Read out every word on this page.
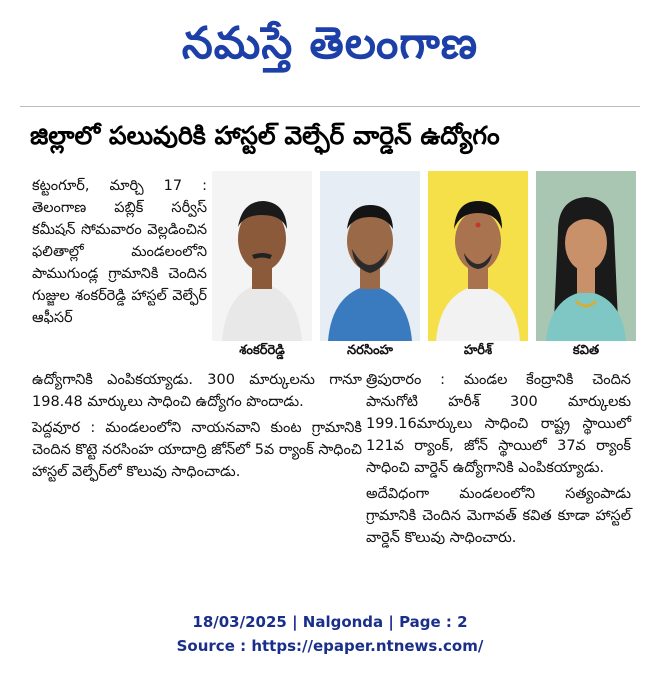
నమస్తే తెలంగాణ
జిల్లాలో పలువురికి హాస్టల్ వెల్ఫేర్ వార్డెన్ ఉద్యోగం

కట్టంగూర్, మార్చి 17 : తెలంగాణ పబ్లిక్ సర్వీస్ కమీషన్ సోమవారం వెల్లడించిన ఫలితాల్లో మండలంలోని పాముగుండ్ల గ్రామానికి చెందిన గుజ్జుల శంకర్‌రెడ్డి హాస్టల్ వెల్ఫేర్ ఆఫీసర్

శంకర్‌రెడ్డి	నరసింహ	హరీశ్	కవిత

ఉద్యోగానికి ఎంపికయ్యాడు. 300 మార్కులను గానూ 198.48 మార్కులు సాధించి ఉద్యోగం పొందాడు.

పెద్దవూర : మండలంలోని నాయనవాని కుంట గ్రామానికి చెందిన కొట్టె నరసింహ యాదాద్రి జోన్‌లో 5వ ర్యాంక్ సాధించి హాస్టల్ వెల్ఫేర్‌లో కొలువు సాధించాడు.

త్రిపురారం : మండల కేంద్రానికి చెందిన పానుగోటి హరీశ్ 300 మార్కులకు 199.16మార్కులు సాధించి రాష్ట్ర స్థాయిలో 121వ ర్యాంక్, జోన్ స్థాయిలో 37వ ర్యాంక్ సాధించి వార్డెన్ ఉద్యోగానికి ఎంపికయ్యాడు.

అదేవిధంగా మండలంలోని సత్యంపాడు గ్రామానికి చెందిన మెగావత్ కవిత కూడా హాస్టల్ వార్డెన్ కొలువు సాధించారు.

18/03/2025 | Nalgonda | Page : 2
Source : https://epaper.ntnews.com/
